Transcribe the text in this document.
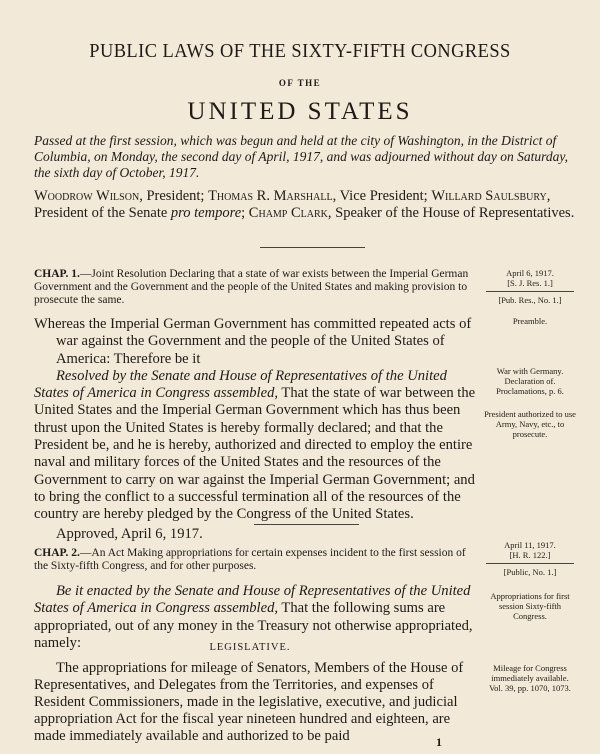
PUBLIC LAWS OF THE SIXTY-FIFTH CONGRESS
OF THE
UNITED STATES
Passed at the first session, which was begun and held at the city of Washington, in the District of Columbia, on Monday, the second day of April, 1917, and was adjourned without day on Saturday, the sixth day of October, 1917.
Woodrow Wilson, President; Thomas R. Marshall, Vice President; Willard Saulsbury, President of the Senate pro tempore; Champ Clark, Speaker of the House of Representatives.
CHAP. 1.—Joint Resolution Declaring that a state of war exists between the Imperial German Government and the Government and the people of the United States and making provision to prosecute the same.
April 6, 1917.
[S. J. Res. 1.]
[Pub. Res., No. 1.]
Preamble.
War with Germany. Declaration of. Proclamations, p. 6.
President authorized to use Army, Navy, etc., to prosecute.

Whereas the Imperial German Government has committed repeated acts of war against the Government and the people of the United States of America: Therefore be it

Resolved by the Senate and House of Representatives of the United States of America in Congress assembled, That the state of war between the United States and the Imperial German Government which has thus been thrust upon the United States is hereby formally declared; and that the President be, and he is hereby, authorized and directed to employ the entire naval and military forces of the United States and the resources of the Government to carry on war against the Imperial German Government; and to bring the conflict to a successful termination all of the resources of the country are hereby pledged by the Congress of the United States.

Approved, April 6, 1917.

April 11, 1917.
[H. R. 122.]
[Public, No. 1.]
CHAP. 2.—An Act Making appropriations for certain expenses incident to the first session of the Sixty-fifth Congress, and for other purposes.

Be it enacted by the Senate and House of Representatives of the United States of America in Congress assembled, That the following sums are appropriated, out of any money in the Treasury not otherwise appropriated, namely:

Appropriations for first session Sixty-fifth Congress.
LEGISLATIVE.

The appropriations for mileage of Senators, Members of the House of Representatives, and Delegates from the Territories, and expenses of Resident Commissioners, made in the legislative, executive, and judicial appropriation Act for the fiscal year nineteen hundred and eighteen, are made immediately available and authorized to be paid

Mileage for Congress immediately available. Vol. 39, pp. 1070, 1073.
1
